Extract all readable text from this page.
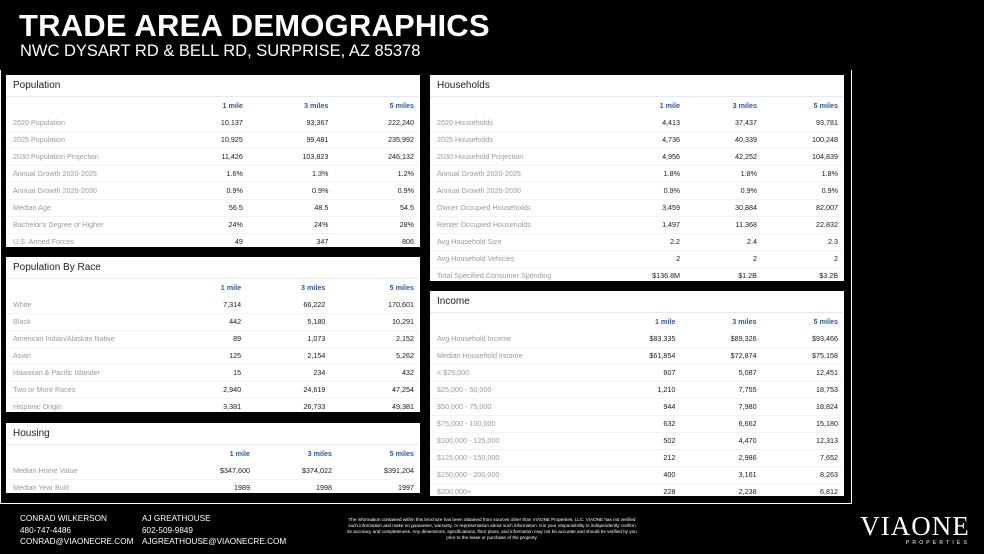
TRADE AREA DEMOGRAPHICS
NWC DYSART RD & BELL RD, SURPRISE, AZ 85378
Population
	1 mile	3 miles	5 miles
2020 Population	10,137	93,367	222,240
2025 Population	10,925	99,481	235,992
2030 Population Projection	11,426	103,823	246,132
Annual Growth 2020-2025	1.6%	1.3%	1.2%
Annual Growth 2025-2030	0.9%	0.9%	0.9%
Median Age	56.5	48.5	54.5
Bachelor's Degree or Higher	24%	24%	28%
U.S. Armed Forces	49	347	806
Population By Race
	1 mile	3 miles	5 miles
White	7,314	66,222	170,601
Black	442	5,180	10,291
American Indian/Alaskan Native	89	1,073	2,152
Asian	125	2,154	5,262
Hawaiian & Pacific Islander	15	234	432
Two or More Races	2,940	24,619	47,254
Hispanic Origin	3,381	26,733	49,381
Housing
	1 mile	3 miles	5 miles
Median Home Value	$347,600	$374,022	$391,204
Median Year Built	1989	1998	1997
Households
	1 mile	3 miles	5 miles
2020 Households	4,413	37,437	93,781
2025 Households	4,736	40,339	100,248
2030 Household Projection	4,956	42,252	104,839
Annual Growth 2020-2025	1.8%	1.8%	1.8%
Annual Growth 2025-2030	0.9%	0.9%	0.9%
Owner Occupied Households	3,459	30,884	82,007
Renter Occupied Households	1,497	11,368	22,832
Avg Household Size	2.2	2.4	2.3
Avg Household Vehicles	2	2	2
Total Specified Consumer Spending	$136.8M	$1.2B	$3.2B
Income
	1 mile	3 miles	5 miles
Avg Household Income	$83,335	$89,326	$93,466
Median Household Income	$61,854	$72,874	$75,158
< $25,000	607	5,087	12,451
$25,000 - 50,000	1,210	7,755	18,753
$50,000 - 75,000	944	7,980	18,824
$75,000 - 100,000	632	6,662	15,180
$100,000 - 125,000	502	4,470	12,313
$125,000 - 150,000	212	2,986	7,652
$150,000 - 200,000	400	3,161	8,263
$200,000+	228	2,238	6,812
CONRAD WILKERSON
480-747-4486
CONRAD@VIAONECRE.COM
AJ GREATHOUSE
602-509-9849
AJGREATHOUSE@VIAONECRE.COM
The information contained within this brochure has been obtained from sources other than VIAONE Properties, LLC. VIAONE has not verified such information and make no guarantee, warranty, or representation about such information. It is your responsibility to independently confirm its accuracy and completeness. Any dimensions, specifications, floor plans, and information may not be accurate and should be verified by you prior to the lease or purchase of the property.	VIAONE
PROPERTIES
